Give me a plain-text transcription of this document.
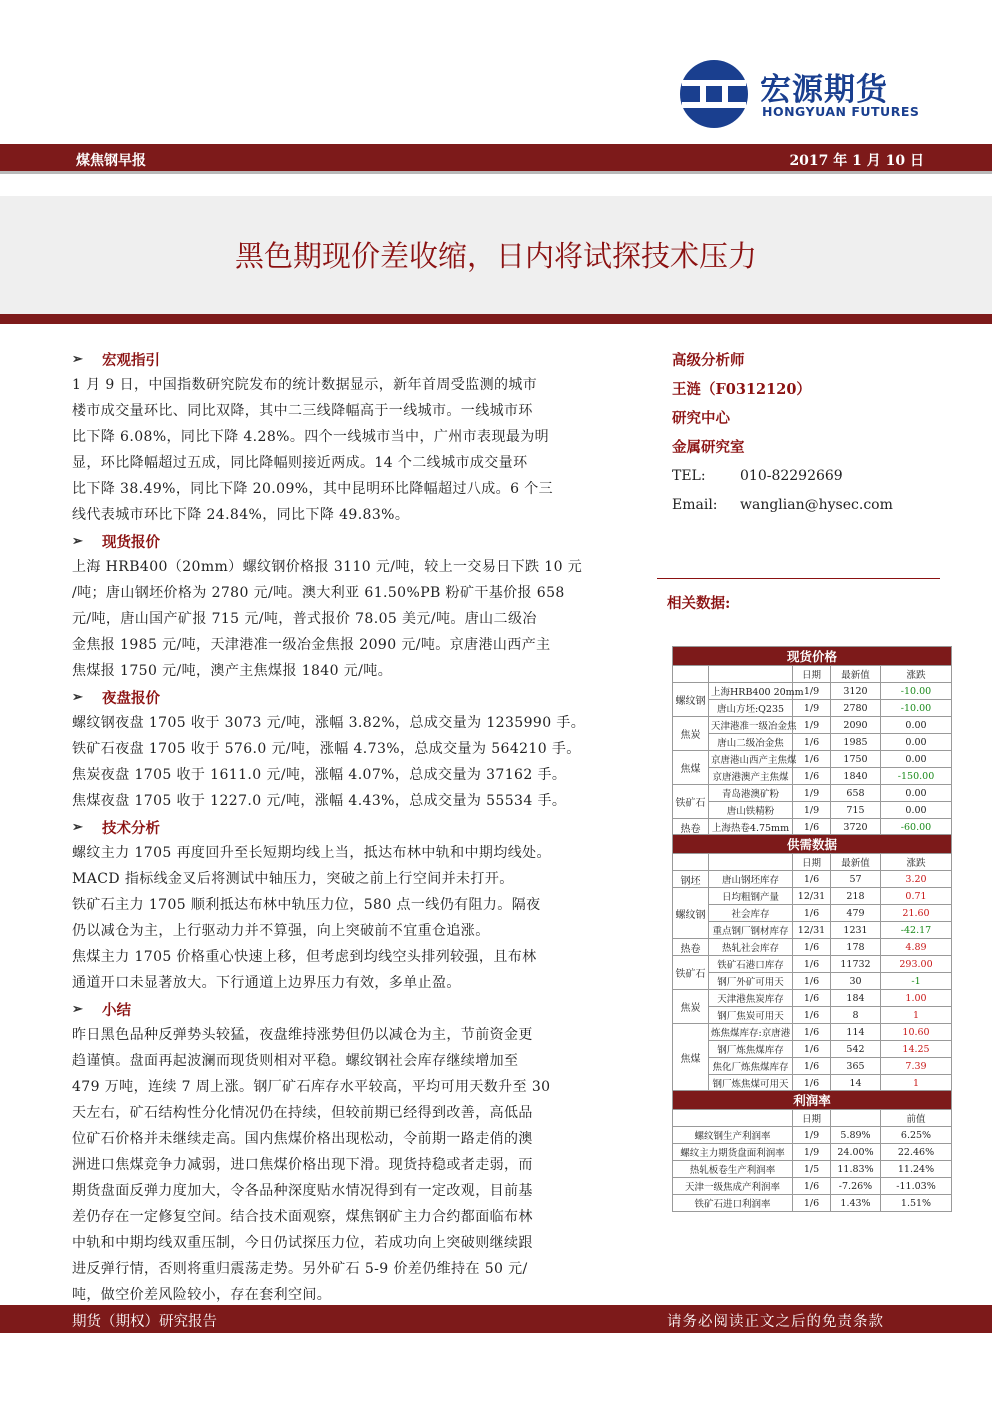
宏源期货
HONGYUAN FUTURES
煤焦钢早报	2017 年 1 月 10 日
黑色期现价差收缩，日内将试探技术压力
➢	宏观指引
1 月 9 日，中国指数研究院发布的统计数据显示，新年首周受监测的城市
楼市成交量环比、同比双降，其中二三线降幅高于一线城市。一线城市环
比下降 6.08%，同比下降 4.28%。四个一线城市当中，广州市表现最为明
显，环比降幅超过五成，同比降幅则接近两成。14 个二线城市成交量环
比下降 38.49%，同比下降 20.09%，其中昆明环比降幅超过八成。6 个三
线代表城市环比下降 24.84%，同比下降 49.83%。
➢	现货报价
上海 HRB400（20mm）螺纹钢价格报 3110 元/吨，较上一交易日下跌 10 元
/吨；唐山钢坯价格为 2780 元/吨。澳大利亚 61.50%PB 粉矿干基价报 658
元/吨，唐山国产矿报 715 元/吨，普式报价 78.05 美元/吨。唐山二级冶
金焦报 1985 元/吨，天津港准一级冶金焦报 2090 元/吨。京唐港山西产主
焦煤报 1750 元/吨，澳产主焦煤报 1840 元/吨。
➢	夜盘报价
螺纹钢夜盘 1705 收于 3073 元/吨，涨幅 3.82%，总成交量为 1235990 手。
铁矿石夜盘 1705 收于 576.0 元/吨，涨幅 4.73%，总成交量为 564210 手。
焦炭夜盘 1705 收于 1611.0 元/吨，涨幅 4.07%，总成交量为 37162 手。
焦煤夜盘 1705 收于 1227.0 元/吨，涨幅 4.43%，总成交量为 55534 手。
➢	技术分析
螺纹主力 1705 再度回升至长短期均线上当，抵达布林中轨和中期均线处。
MACD 指标线金叉后将测试中轴压力，突破之前上行空间并未打开。
铁矿石主力 1705 顺利抵达布林中轨压力位，580 点一线仍有阻力。隔夜
仍以减仓为主，上行驱动力并不算强，向上突破前不宜重仓追涨。
焦煤主力 1705 价格重心快速上移，但考虑到均线空头排列较强，且布林
通道开口未显著放大。下行通道上边界压力有效，多单止盈。
➢	小结
昨日黑色品种反弹势头较猛，夜盘维持涨势但仍以减仓为主，节前资金更
趋谨慎。盘面再起波澜而现货则相对平稳。螺纹钢社会库存继续增加至
479 万吨，连续 7 周上涨。钢厂矿石库存水平较高，平均可用天数升至 30
天左右，矿石结构性分化情况仍在持续，但较前期已经得到改善，高低品
位矿石价格并未继续走高。国内焦煤价格出现松动，令前期一路走俏的澳
洲进口焦煤竞争力减弱，进口焦煤价格出现下滑。现货持稳或者走弱，而
期货盘面反弹力度加大，令各品种深度贴水情况得到有一定改观，目前基
差仍存在一定修复空间。结合技术面观察，煤焦钢矿主力合约都面临布林
中轨和中期均线双重压制，今日仍试探压力位，若成功向上突破则继续跟
进反弹行情，否则将重归震荡走势。另外矿石 5-9 价差仍维持在 50 元/
吨，做空价差风险较小，存在套利空间。
高级分析师
王涟（F0312120）
研究中心
金属研究室
TEL:	010-82292669
Email:	wanglian@hysec.com
相关数据:
现货价格				
		日期	最新值	涨跌
螺纹钢	上海HRB400 20mm	1/9	3120	-10.00
	唐山方坯:Q235	1/9	2780	-10.00
焦炭	天津港准一级冶金焦	1/9	2090	0.00
	唐山二级冶金焦	1/6	1985	0.00
焦煤	京唐港山西产主焦煤	1/6	1750	0.00
	京唐港澳产主焦煤	1/6	1840	-150.00
铁矿石	青岛港澳矿粉	1/9	658	0.00
	唐山铁精粉	1/9	715	0.00
热卷	上海热卷4.75mm	1/6	3720	-60.00
供需数据				
		日期	最新值	涨跌
钢坯	唐山钢坯库存	1/6	57	3.20
螺纹钢	日均粗钢产量	12/31	218	0.71
	社会库存	1/6	479	21.60
	重点钢厂钢材库存	12/31	1231	-42.17
热卷	热轧社会库存	1/6	178	4.89
铁矿石	铁矿石港口库存	1/6	11732	293.00
	钢厂外矿可用天	1/6	30	-1
焦炭	天津港焦炭库存	1/6	184	1.00
	钢厂焦炭可用天	1/6	8	1
焦煤	炼焦煤库存:京唐港	1/6	114	10.60
	钢厂炼焦煤库存	1/6	542	14.25
	焦化厂炼焦煤库存	1/6	365	7.39
	钢厂炼焦煤可用天	1/6	14	1
利润率			
	日期		前值
螺纹钢生产利润率	1/9	5.89%	6.25%
螺纹主力期货盘面利润率	1/9	24.00%	22.46%
热轧板卷生产利润率	1/5	11.83%	11.24%
天津一级焦成产利润率	1/6	-7.26%	-11.03%
铁矿石进口利润率	1/6	1.43%	1.51%
期货（期权）研究报告	请务必阅读正文之后的免责条款
